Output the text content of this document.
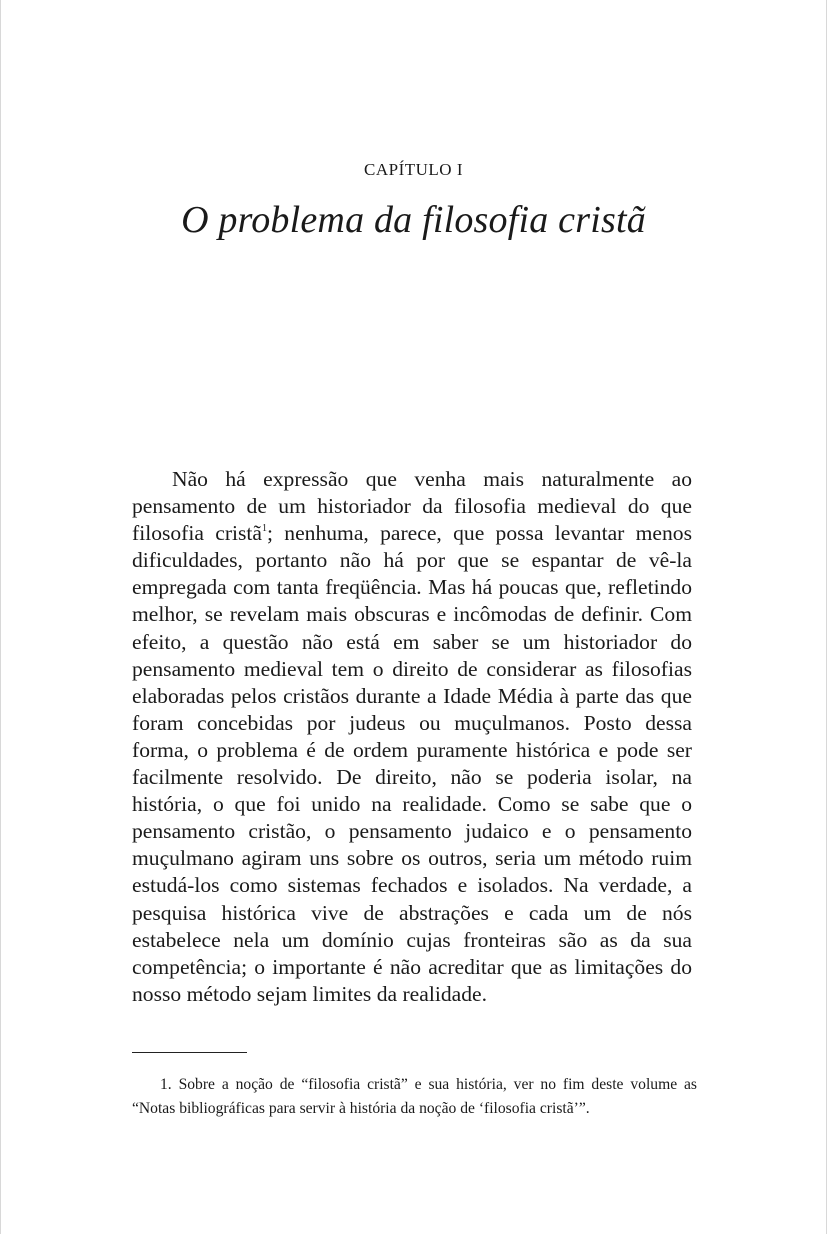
CAPÍTULO I
O problema da filosofia cristã

Não há expressão que venha mais naturalmente ao pensamento de um historiador da filosofia medieval do que filosofia cristã$^1$; nenhuma, parece, que possa levantar menos dificuldades, portanto não há por que se espantar de vê-la empregada com tanta freqüência. Mas há poucas que, refletindo melhor, se revelam mais obscuras e incômodas de definir. Com efeito, a questão não está em saber se um historiador do pensamento medieval tem o direito de considerar as filosofias elaboradas pelos cristãos durante a Idade Média à parte das que foram concebidas por judeus ou muçulmanos. Posto dessa forma, o problema é de ordem puramente histórica e pode ser facilmente resolvido. De direito, não se poderia isolar, na história, o que foi unido na realidade. Como se sabe que o pensamento cristão, o pensamento judaico e o pensamento muçulmano agiram uns sobre os outros, seria um método ruim estudá-los como sistemas fechados e isolados. Na verdade, a pesquisa histórica vive de abstrações e cada um de nós estabelece nela um domínio cujas fronteiras são as da sua competência; o importante é não acreditar que as limitações do nosso método sejam limites da realidade.

1. Sobre a noção de “filosofia cristã” e sua história, ver no fim deste volume as “Notas bibliográficas para servir à história da noção de ‘filosofia cristã’”.
